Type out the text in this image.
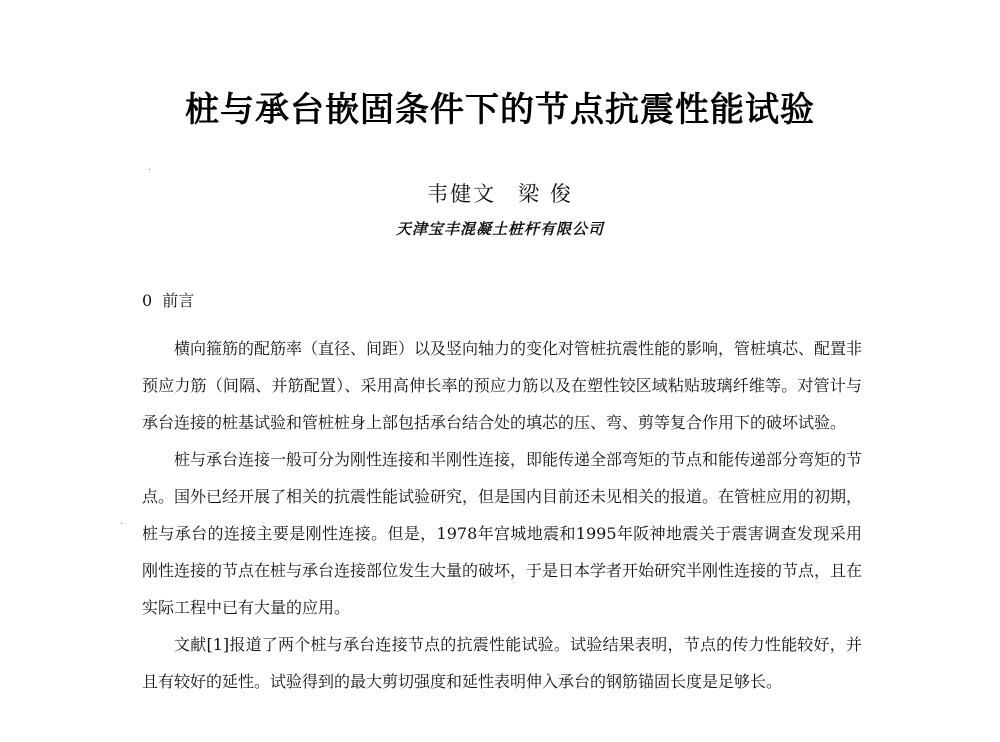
桩与承台嵌固条件下的节点抗震性能试验
韦健文 梁 俊
天津宝丰混凝土桩杆有限公司
0 前言

横向箍筋的配筋率（直径、间距）以及竖向轴力的变化对管桩抗震性能的影响，管桩填芯、配置非预应力筋（间隔、并筋配置）、采用高伸长率的预应力筋以及在塑性铰区域粘贴玻璃纤维等。对管计与承台连接的桩基试验和管桩桩身上部包括承台结合处的填芯的压、弯、剪等复合作用下的破坏试验。

桩与承台连接一般可分为刚性连接和半刚性连接，即能传递全部弯矩的节点和能传递部分弯矩的节点。国外已经开展了相关的抗震性能试验研究，但是国内目前还未见相关的报道。在管桩应用的初期，桩与承台的连接主要是刚性连接。但是，1978年宫城地震和1995年阪神地震关于震害调查发现采用刚性连接的节点在桩与承台连接部位发生大量的破坏，于是日本学者开始研究半刚性连接的节点，且在实际工程中已有大量的应用。

文献[1]报道了两个桩与承台连接节点的抗震性能试验。试验结果表明，节点的传力性能较好，并且有较好的延性。试验得到的最大剪切强度和延性表明伸入承台的钢筋锚固长度是足够长。

·
·
